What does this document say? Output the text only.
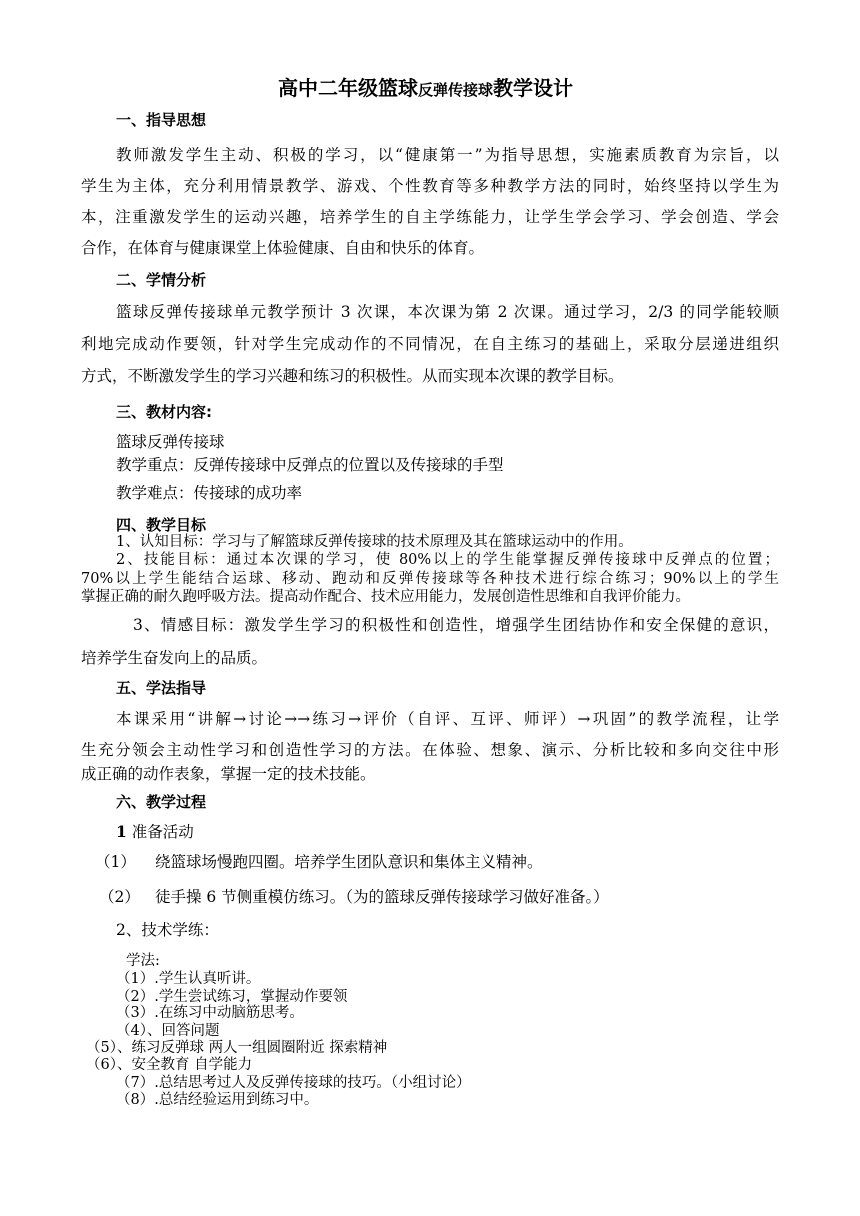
高中二年级篮球反弹传接球教学设计
一、指导思想
教师激发学生主动、积极的学习，以“健康第一”为指导思想，实施素质教育为宗旨，以
学生为主体，充分利用情景教学、游戏、个性教育等多种教学方法的同时，始终坚持以学生为
本，注重激发学生的运动兴趣，培养学生的自主学练能力，让学生学会学习、学会创造、学会
合作，在体育与健康课堂上体验健康、自由和快乐的体育。
二、学情分析
篮球反弹传接球单元教学预计 3 次课，本次课为第 2 次课。通过学习，2/3 的同学能较顺
利地完成动作要领，针对学生完成动作的不同情况，在自主练习的基础上，采取分层递进组织
方式，不断激发学生的学习兴趣和练习的积极性。从而实现本次课的教学目标。
三、教材内容:
篮球反弹传接球
教学重点：反弹传接球中反弹点的位置以及传接球的手型
教学难点：传接球的成功率
四、教学目标
1、认知目标：学习与了解篮球反弹传接球的技术原理及其在篮球运动中的作用。
2、技能目标：通过本次课的学习，使 80%以上的学生能掌握反弹传接球中反弹点的位置；
70%以上学生能结合运球、移动、跑动和反弹传接球等各种技术进行综合练习；90%以上的学生
掌握正确的耐久跑呼吸方法。提高动作配合、技术应用能力，发展创造性思维和自我评价能力。
3、情感目标：激发学生学习的积极性和创造性，增强学生团结协作和安全保健的意识，
培养学生奋发向上的品质。
五、学法指导
本课采用“讲解→讨论→→练习→评价（自评、互评、师评）→巩固”的教学流程，让学
生充分领会主动性学习和创造性学习的方法。在体验、想象、演示、分析比较和多向交往中形
成正确的动作表象，掌握一定的技术技能。
六、教学过程
1 准备活动
（1） 绕篮球场慢跑四圈。培养学生团队意识和集体主义精神。
（2） 徒手操 6 节侧重模仿练习。（为的篮球反弹传接球学习做好准备。）
2、技术学练：
学法:
（1）.学生认真听讲。
（2）.学生尝试练习，掌握动作要领
（3）.在练习中动脑筋思考。
（4）、回答问题
（5）、练习反弹球 两人一组圆圈附近 探索精神
（6）、安全教育 自学能力
（7）.总结思考过人及反弹传接球的技巧。（小组讨论）
（8）.总结经验运用到练习中。
